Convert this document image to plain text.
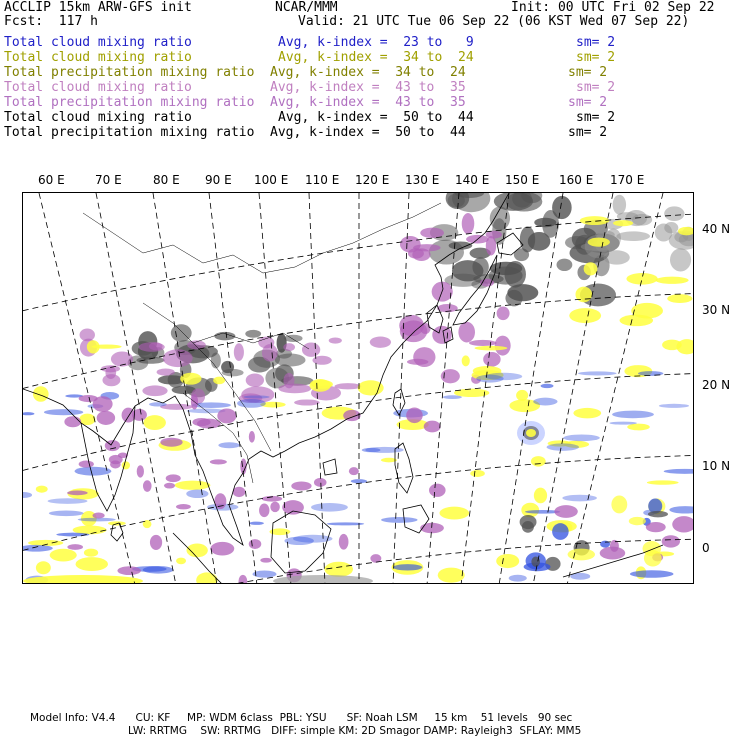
ACCLIP 15km ARW-GFS init	NCAR/MMM	Init: 00 UTC Fri 02 Sep 22
Fcst:  117 h	Valid: 21 UTC Tue 06 Sep 22 (06 KST Wed 07 Sep 22)
Total cloud mixing ratio	Avg, k-index =  23 to   9	sm= 2
Total cloud mixing ratio	Avg, k-index =  34 to  24	sm= 2
Total precipitation mixing ratio Avg, k-index =  34 to  24	sm= 2
Total cloud mixing ratio	Avg, k-index =  43 to  35	sm= 2
Total precipitation mixing ratio Avg, k-index =  43 to  35	sm= 2
Total cloud mixing ratio	Avg, k-index =  50 to  44	sm= 2
Total precipitation mixing ratio Avg, k-index =  50 to  44	sm= 2
60 E	70 E	80 E 90 E 100 E 110 E 120 E 130 E 140 E 150 E 160 E 170 E
40 N
30 N
20 N
10 N
0
Model Info: V4.4      CU: KF     MP: WDM 6class  PBL: YSU      SF: Noah LSM     15 km    51 levels   90 sec
LW: RRTMG    SW: RRTMG   DIFF: simple KM: 2D Smagor DAMP: Rayleigh3  SFLAY: MM5
